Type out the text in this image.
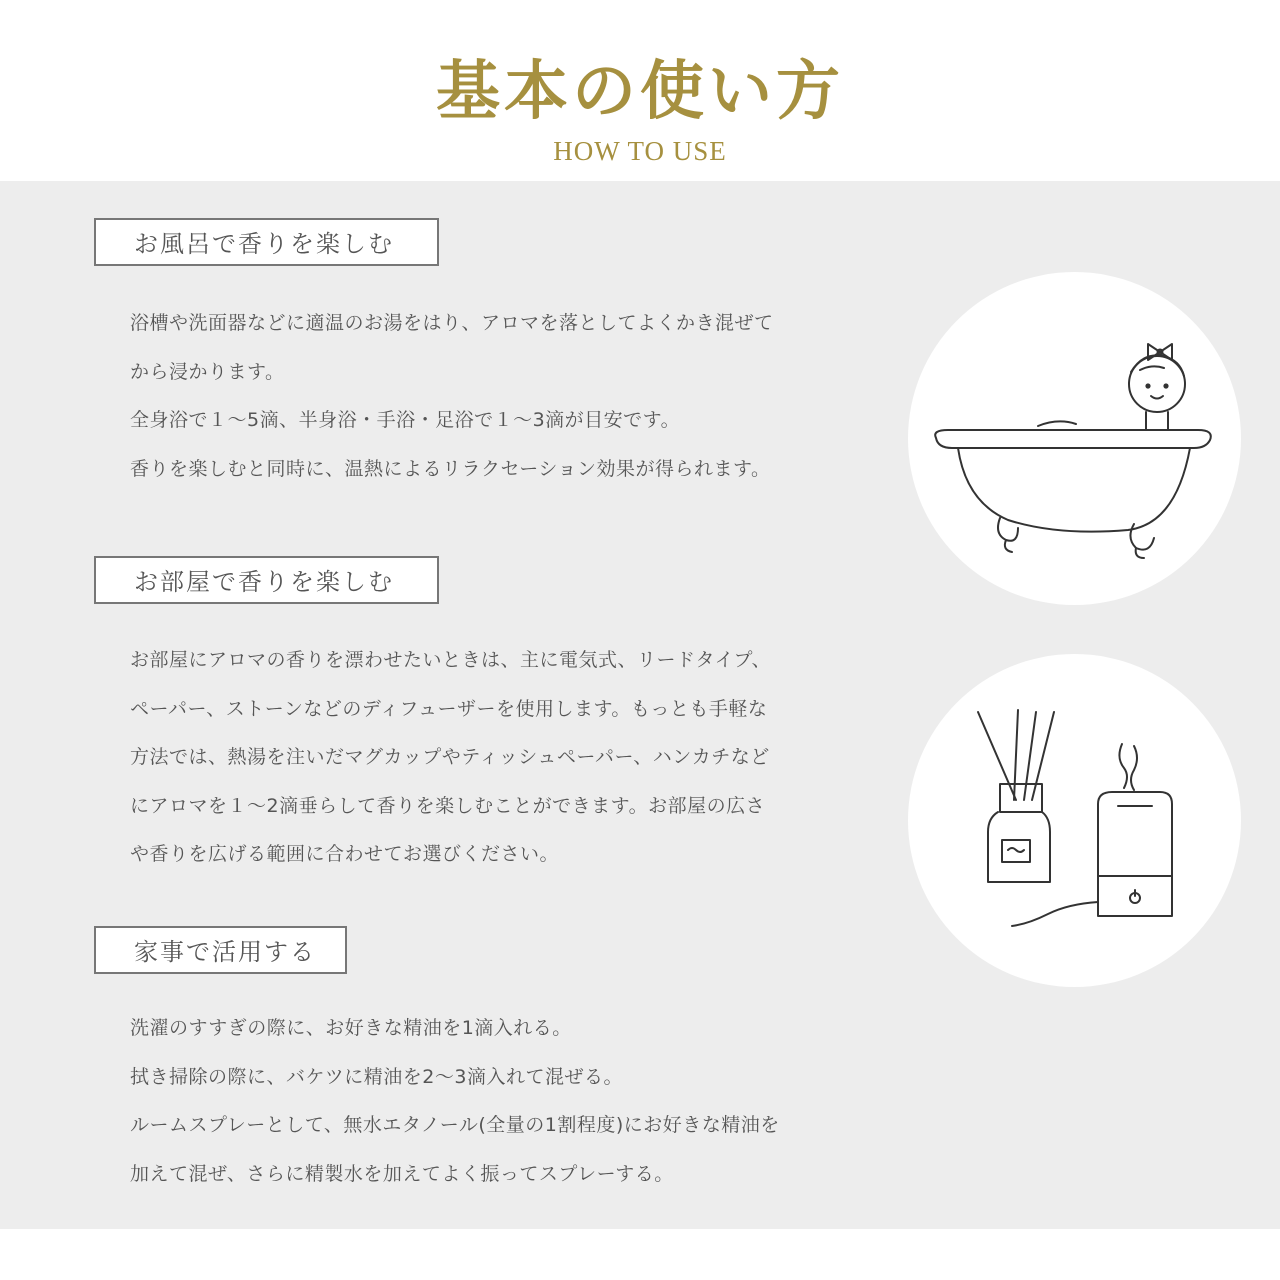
基本の使い方
HOW TO USE
お風呂で香りを楽しむ

浴槽や洗面器などに適温のお湯をはり、アロマを落としてよくかき混ぜて

から浸かります。

全身浴で１〜5滴、半身浴・手浴・足浴で１〜3滴が目安です。

香りを楽しむと同時に、温熱によるリラクセーション効果が得られます。

お部屋で香りを楽しむ

お部屋にアロマの香りを漂わせたいときは、主に電気式、リードタイプ、

ペーパー、ストーンなどのディフューザーを使用します。もっとも手軽な

方法では、熱湯を注いだマグカップやティッシュペーパー、ハンカチなど

にアロマを１〜2滴垂らして香りを楽しむことができます。お部屋の広さ

や香りを広げる範囲に合わせてお選びください。

家事で活用する

洗濯のすすぎの際に、お好きな精油を1滴入れる。

拭き掃除の際に、バケツに精油を2〜3滴入れて混ぜる。

ルームスプレーとして、無水エタノール(全量の1割程度)にお好きな精油を

加えて混ぜ、さらに精製水を加えてよく振ってスプレーする。
